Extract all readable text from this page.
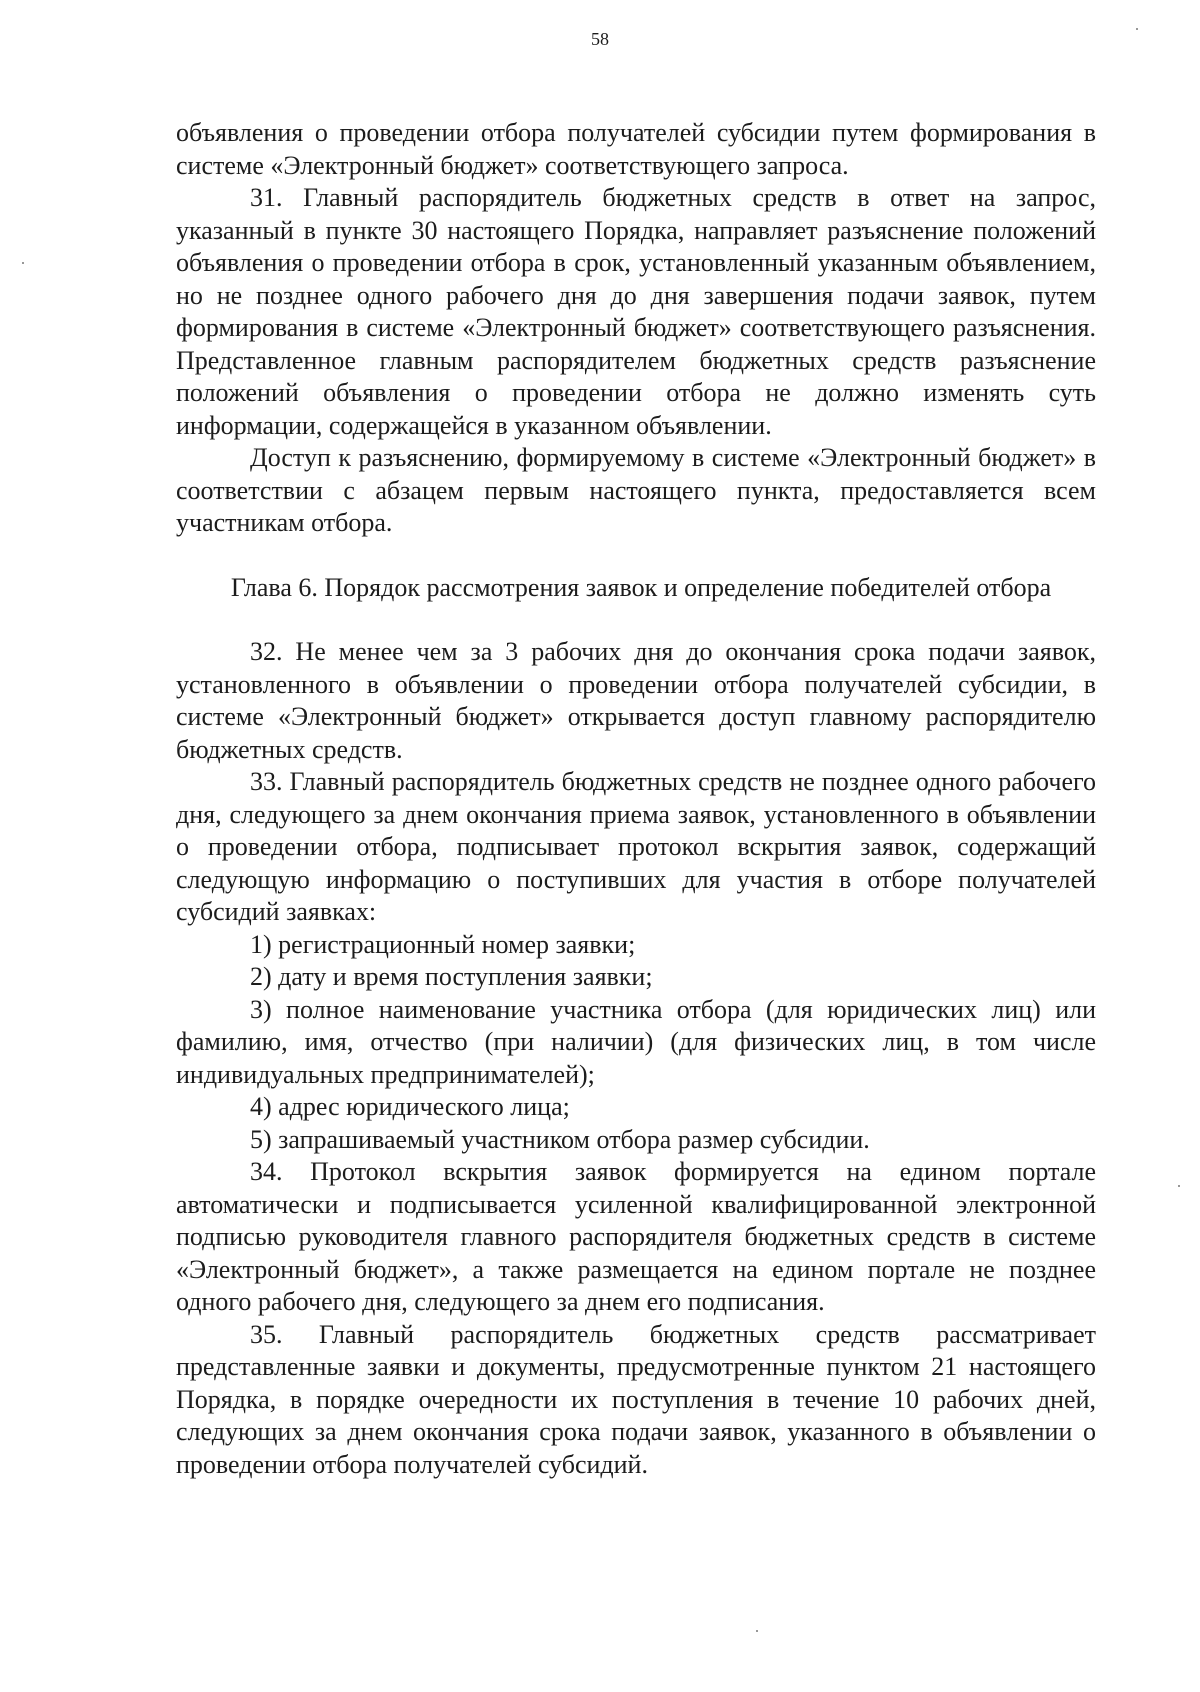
58

объявления о проведении отбора получателей субсидии путем формирования в системе «Электронный бюджет» соответствующего запроса.

31. Главный распорядитель бюджетных средств в ответ на запрос, указанный в пункте 30 настоящего Порядка, направляет разъяснение положений объявления о проведении отбора в срок, установленный указанным объявлением, но не позднее одного рабочего дня до дня завершения подачи заявок, путем формирования в системе «Электронный бюджет» соответствующего разъяснения. Представленное главным распорядителем бюджетных средств разъяснение положений объявления о проведении отбора не должно изменять суть информации, содержащейся в указанном объявлении.

Доступ к разъяснению, формируемому в системе «Электронный бюджет» в соответствии с абзацем первым настоящего пункта, предоставляется всем участникам отбора.

Глава 6. Порядок рассмотрения заявок и определение победителей отбора

32. Не менее чем за 3 рабочих дня до окончания срока подачи заявок, установленного в объявлении о проведении отбора получателей субсидии, в системе «Электронный бюджет» открывается доступ главному распорядителю бюджетных средств.

33. Главный распорядитель бюджетных средств не позднее одного рабочего дня, следующего за днем окончания приема заявок, установленного в объявлении о проведении отбора, подписывает протокол вскрытия заявок, содержащий следующую информацию о поступивших для участия в отборе получателей субсидий заявках:

1) регистрационный номер заявки;

2) дату и время поступления заявки;

3) полное наименование участника отбора (для юридических лиц) или фамилию, имя, отчество (при наличии) (для физических лиц, в том числе индивидуальных предпринимателей);

4) адрес юридического лица;

5) запрашиваемый участником отбора размер субсидии.

34. Протокол вскрытия заявок формируется на едином портале автоматически и подписывается усиленной квалифицированной электронной подписью руководителя главного распорядителя бюджетных средств в системе «Электронный бюджет», а также размещается на едином портале не позднее одного рабочего дня, следующего за днем его подписания.

35. Главный распорядитель бюджетных средств рассматривает представленные заявки и документы, предусмотренные пунктом 21 настоящего Порядка, в порядке очередности их поступления в течение 10 рабочих дней, следующих за днем окончания срока подачи заявок, указанного в объявлении о проведении отбора получателей субсидий.
